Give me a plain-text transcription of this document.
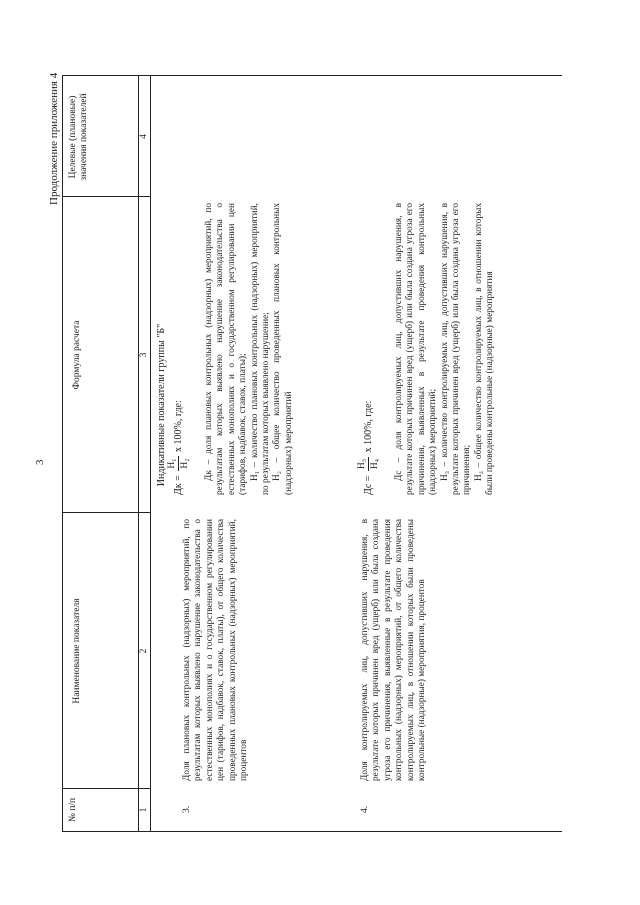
3
Продолжение приложения 4
№ п/п
Наименование показателя
Формула расчета
Целевые (плановые) значения показателей
1
2
3
4
Индикативные показатели группы "Б"
3.
Доля плановых контрольных (надзорных) мероприятий, по результатам которых выявлено нарушение законодательства о естественных монополиях и о государственном регулировании цен (тарифов, надбавок, ставок, платы), от общего количества проведенных плановых контрольных (надзорных) мероприятий, процентов
Дк =
Н₁ Н₂
x 100%, где:	Дк – доля плановых контрольных (надзорных) мероприятий, по результатам которых выявлено нарушение законодательства о естественных монополиях и о государственном регулировании цен (тарифов, надбавок, ставок, платы); Н₁ – количество плановых контрольных (надзорных) мероприятий, по результатам которых выявлено нарушение; Н₂ – общее количество проведенных плановых контрольных (надзорных) мероприятий

4.
Доля контролируемых лиц, допустивших нарушения, в результате которых причинен вред (ущерб) или была создана угроза его причинения, выявленные в результате проведения контрольных (надзорных) мероприятий, от общего количества контролируемых лиц, в отношении которых были проведены контрольные (надзорные) мероприятия, процентов
Дс =
Н₃ Н₄
x 100%, где:	Дс – доля контролируемых лиц, допустивших нарушения, в результате которых причинен вред (ущерб) или была создана угроза его причинения, выявленных в результате проведения контрольных (надзорных) мероприятий; Н₃ – количество контролируемых лиц, допустивших нарушения, в результате которых причинен вред (ущерб) или была создана угроза его причинения; Н₄ – общее количество контролируемых лиц, в отношении которых были проведены контрольные (надзорные) мероприятия
